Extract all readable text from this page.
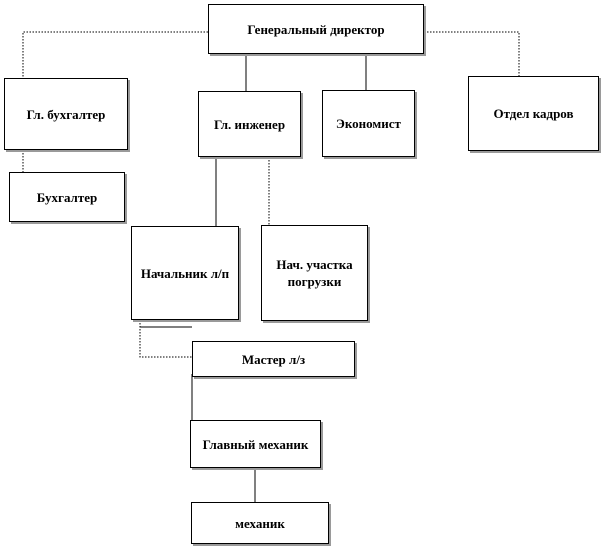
Генеральный директор
Гл. бухгалтер
Гл. инженер	Экономист
Отдел кадров
Бухгалтер
Начальник л/п
Нач. участка погрузки
Мастер л/з
Главный механик
механик
